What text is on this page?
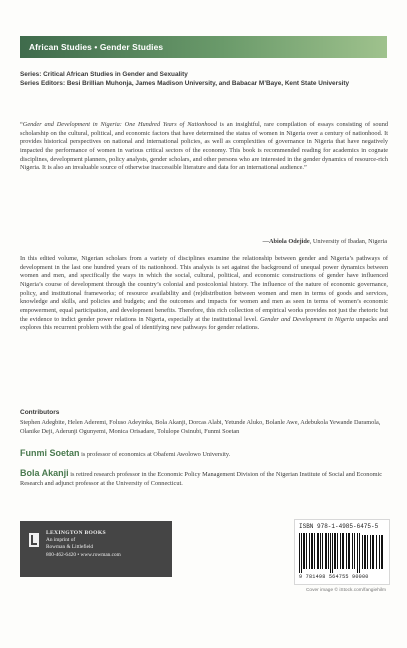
African Studies • Gender Studies
Series: Critical African Studies in Gender and Sexuality
Series Editors: Besi Brillian Muhonja, James Madison University, and Babacar M’Baye, Kent State University
“Gender and Development in Nigeria: One Hundred Years of Nationhood is an insightful, rare compilation of essays consisting of sound scholarship on the cultural, political, and economic factors that have determined the status of women in Nigeria over a century of nationhood. It provides historical perspectives on national and international policies, as well as complexities of governance in Nigeria that have negatively impacted the performance of women in various critical sectors of the economy. This book is recommended reading for academics in cognate disciplines, development planners, policy analysts, gender scholars, and other persons who are interested in the gender dynamics of resource-rich Nigeria. It is also an invaluable source of otherwise inaccessible literature and data for an international audience.”
—Abiola Odejide, University of Ibadan, Nigeria
In this edited volume, Nigerian scholars from a variety of disciplines examine the relationship between gender and Nigeria’s pathways of development in the last one hundred years of its nationhood. This analysis is set against the background of unequal power dynamics between women and men, and specifically the ways in which the social, cultural, political, and economic constructions of gender have influenced Nigeria’s course of development through the country’s colonial and postcolonial history. The influence of the nature of economic governance, policy, and institutional frameworks; of resource availability and (re)distribution between women and men in terms of goods and services, knowledge and skills, and policies and budgets; and the outcomes and impacts for women and men as seen in terms of women’s economic empowerment, equal participation, and development benefits. Therefore, this rich collection of empirical works provides not just the rhetoric but the evidence to indict gender power relations in Nigeria, especially at the institutional level. Gender and Development in Nigeria unpacks and explores this recurrent problem with the goal of identifying new pathways for gender relations.
Contributors
Stephen Adegbite, Helen Aderemi, Foluso Adeyinka, Bola Akanji, Dorcas Alabi, Yetunde Aluko, Bolanle Awe, Adebukola Yewande Daramola, Olanike Deji, Aderunji Ogunyemi, Monica Orisadare, Tolulope Osinubi, Funmi Soetan
Funmi Soetan is professor of economics at Obafemi Awolowo University.
Bola Akanji is retired research professor in the Economic Policy Management Division of the Nigerian Institute of Social and Economic Research and adjunct professor at the University of Connecticut.
LEXINGTON BOOKS
An imprint of
Rowman & Littlefield
800-462-6420 • www.rowman.com
ISBN 978-1-4985-6475-5
9 781498 564755 90000
Cover image © iStock.com/fangiehilm
